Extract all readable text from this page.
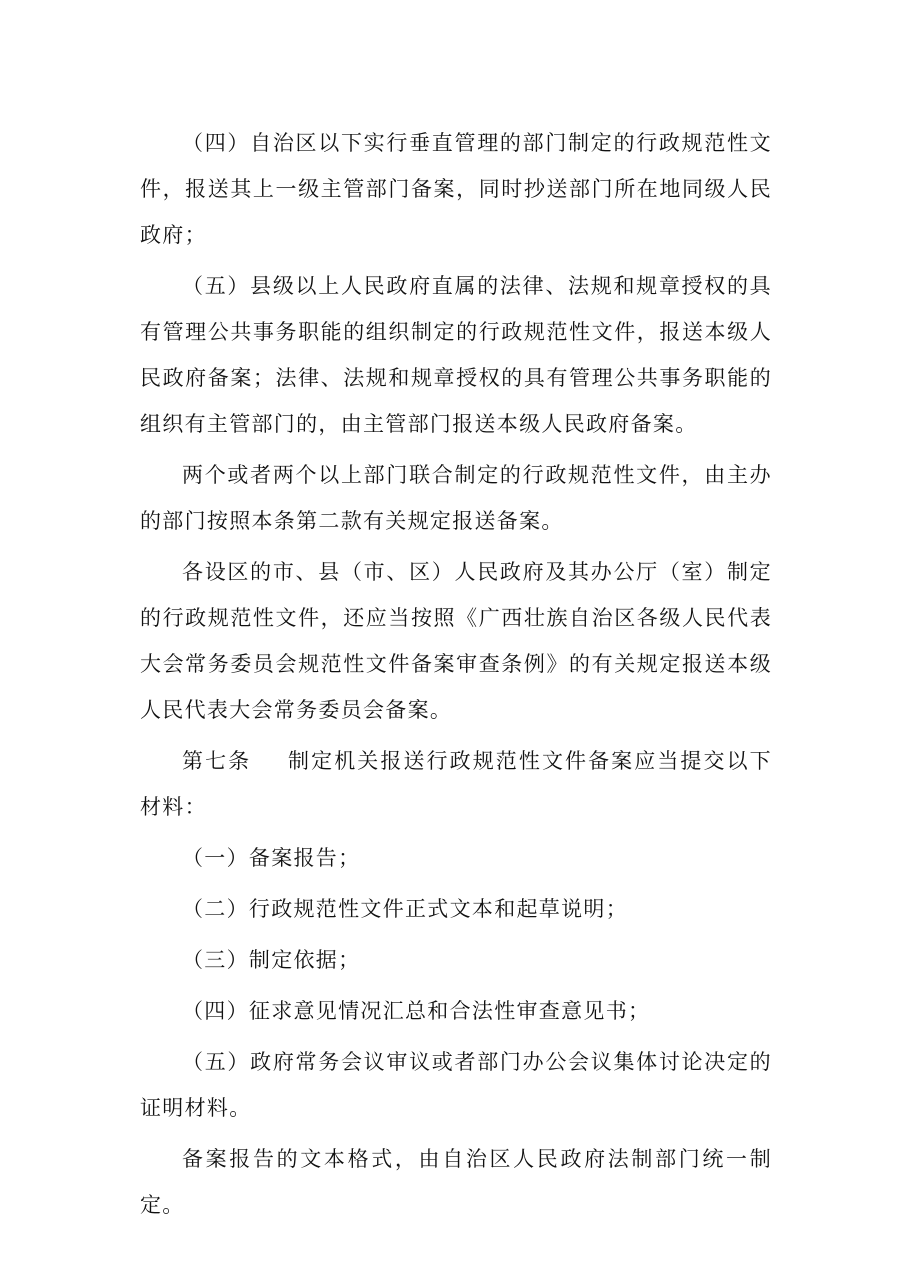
（四）自治区以下实行垂直管理的部门制定的行政规范性文件，报送其上一级主管部门备案，同时抄送部门所在地同级人民政府；

（五）县级以上人民政府直属的法律、法规和规章授权的具有管理公共事务职能的组织制定的行政规范性文件，报送本级人民政府备案；法律、法规和规章授权的具有管理公共事务职能的组织有主管部门的，由主管部门报送本级人民政府备案。

两个或者两个以上部门联合制定的行政规范性文件，由主办的部门按照本条第二款有关规定报送备案。

各设区的市、县（市、区）人民政府及其办公厅（室）制定的行政规范性文件，还应当按照《广西壮族自治区各级人民代表大会常务委员会规范性文件备案审查条例》的有关规定报送本级人民代表大会常务委员会备案。

第七条 制定机关报送行政规范性文件备案应当提交以下材料：

（一）备案报告；

（二）行政规范性文件正式文本和起草说明；

（三）制定依据；

（四）征求意见情况汇总和合法性审查意见书；

（五）政府常务会议审议或者部门办公会议集体讨论决定的证明材料。

备案报告的文本格式，由自治区人民政府法制部门统一制定。
